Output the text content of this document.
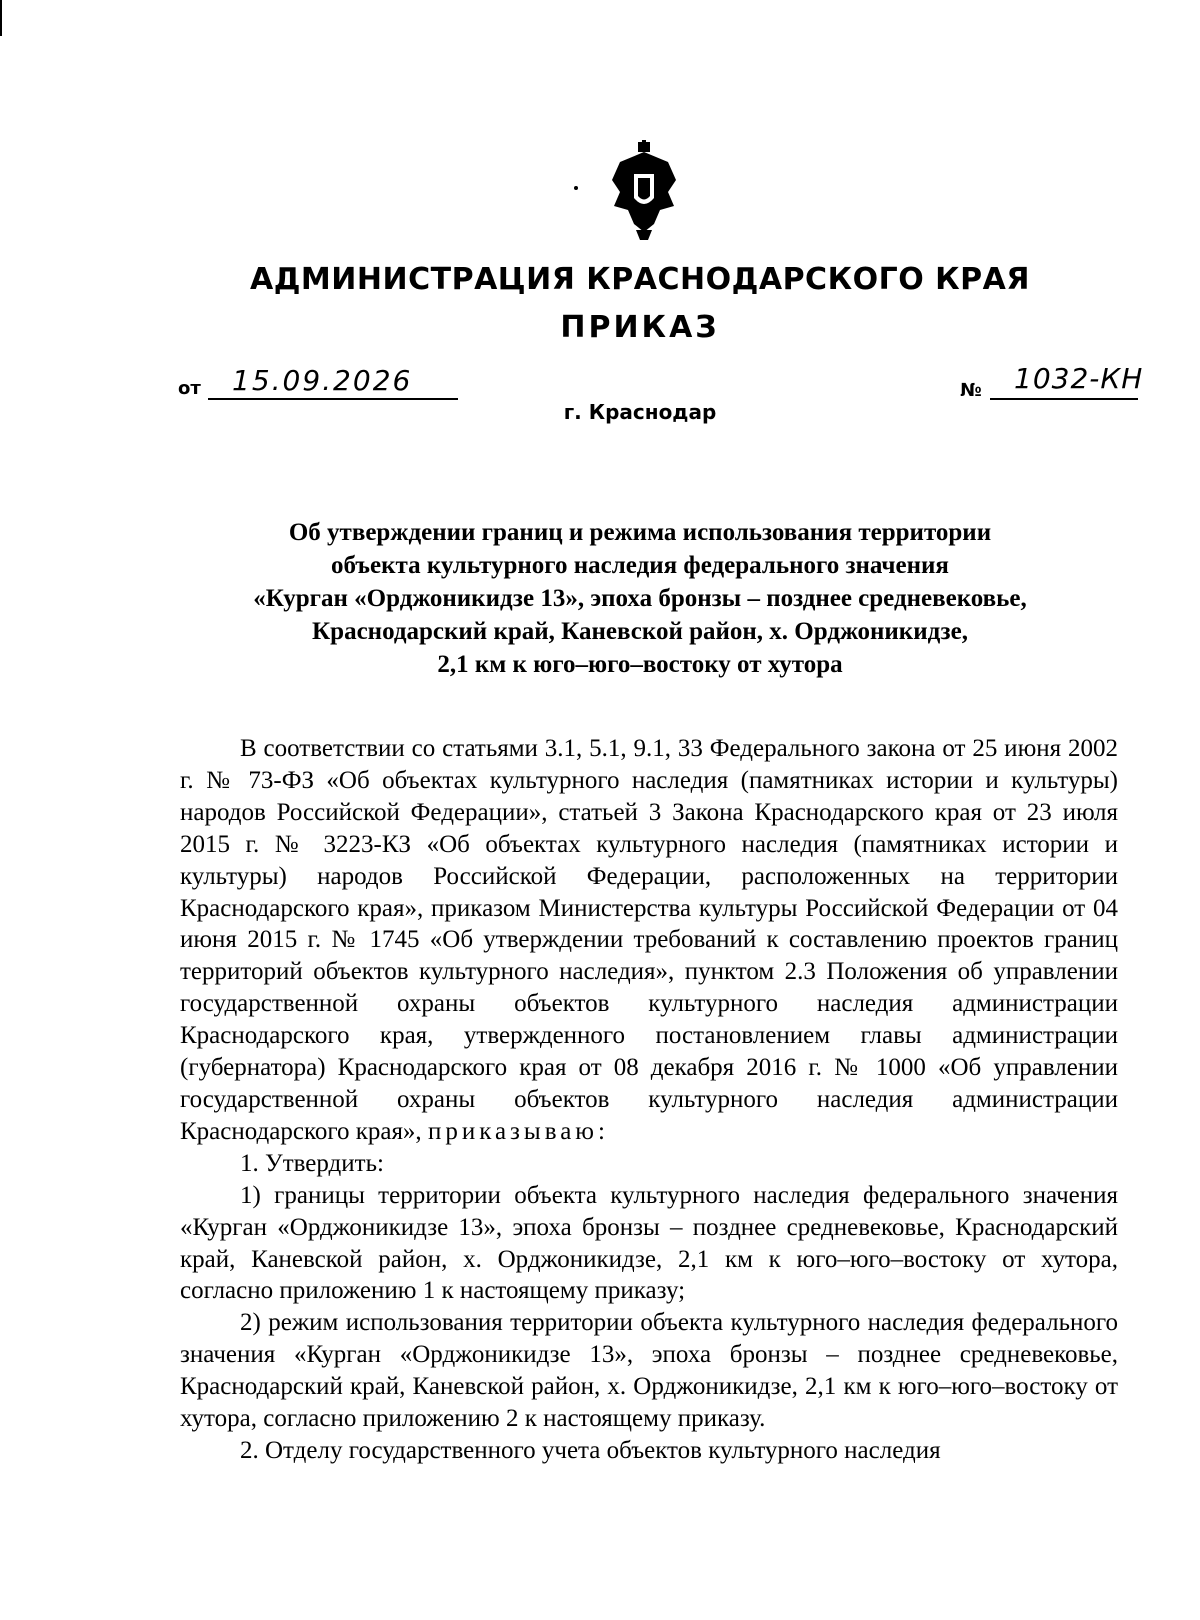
АДМИНИСТРАЦИЯ КРАСНОДАРСКОГО КРАЯ
ПРИКАЗ
от 15.09.2026
г. Краснодар
№ 1032-КН
Об утверждении границ и режима использования территории
объекта культурного наследия федерального значения
«Курган «Орджоникидзе 13», эпоха бронзы – позднее средневековье,
Краснодарский край, Каневской район, х. Орджоникидзе,
2,1 км к юго–юго–востоку от хутора

В соответствии со статьями 3.1, 5.1, 9.1, 33 Федерального закона от 25 июня 2002 г. № 73-ФЗ «Об объектах культурного наследия (памятниках истории и культуры) народов Российской Федерации», статьей 3 Закона Краснодарского края от 23 июля 2015 г. № 3223-КЗ «Об объектах культурного наследия (памятниках истории и культуры) народов Российской Федерации, расположенных на территории Краснодарского края», приказом Министерства культуры Российской Федерации от 04 июня 2015 г. № 1745 «Об утверждении требований к составлению проектов границ территорий объектов культурного наследия», пунктом 2.3 Положения об управлении государственной охраны объектов культурного наследия администрации Краснодарского края, утвержденного постановлением главы администрации (губернатора) Краснодарского края от 08 декабря 2016 г. № 1000 «Об управлении государственной охраны объектов культурного наследия администрации Краснодарского края», приказываю:

1. Утвердить:

1) границы территории объекта культурного наследия федерального значения «Курган «Орджоникидзе 13», эпоха бронзы – позднее средневековье, Краснодарский край, Каневской район, х. Орджоникидзе, 2,1 км к юго–юго–востоку от хутора, согласно приложению 1 к настоящему приказу;

2) режим использования территории объекта культурного наследия федерального значения «Курган «Орджоникидзе 13», эпоха бронзы – позднее средневековье, Краснодарский край, Каневской район, х. Орджоникидзе, 2,1 км к юго–юго–востоку от хутора, согласно приложению 2 к настоящему приказу.

2. Отделу государственного учета объектов культурного наследия
